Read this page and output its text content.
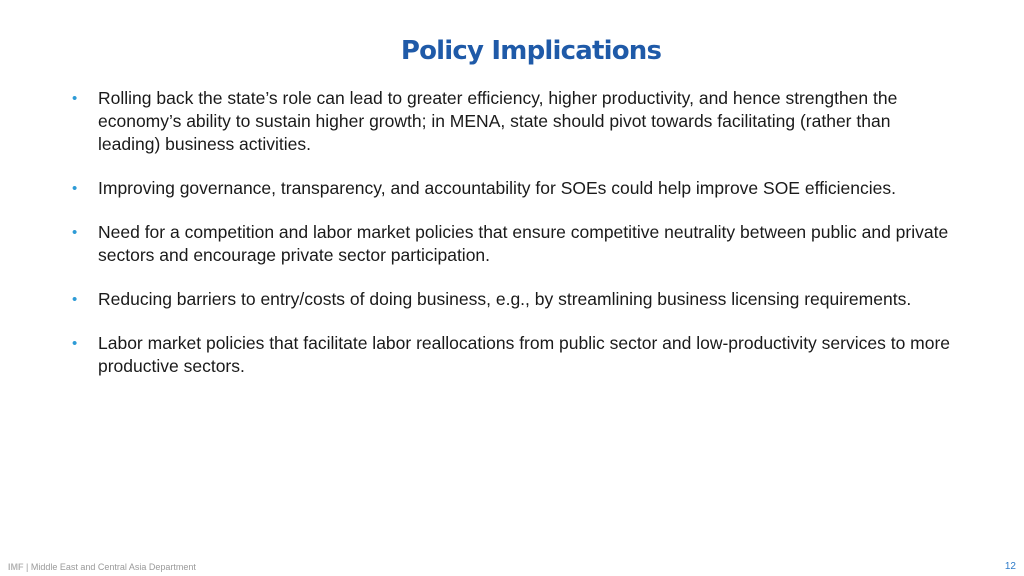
Policy Implications
• Rolling back the state’s role can lead to greater efficiency, higher productivity, and hence strengthen the economy’s ability to sustain higher growth; in MENA, state should pivot towards facilitating (rather than leading) business activities.
• Improving governance, transparency, and accountability for SOEs could help improve SOE efficiencies.
• Need for a competition and labor market policies that ensure competitive neutrality between public and private sectors and encourage private sector participation.
• Reducing barriers to entry/costs of doing business, e.g., by streamlining business licensing requirements.
• Labor market policies that facilitate labor reallocations from public sector and low-productivity services to more productive sectors.
IMF | Middle East and Central Asia Department	12
